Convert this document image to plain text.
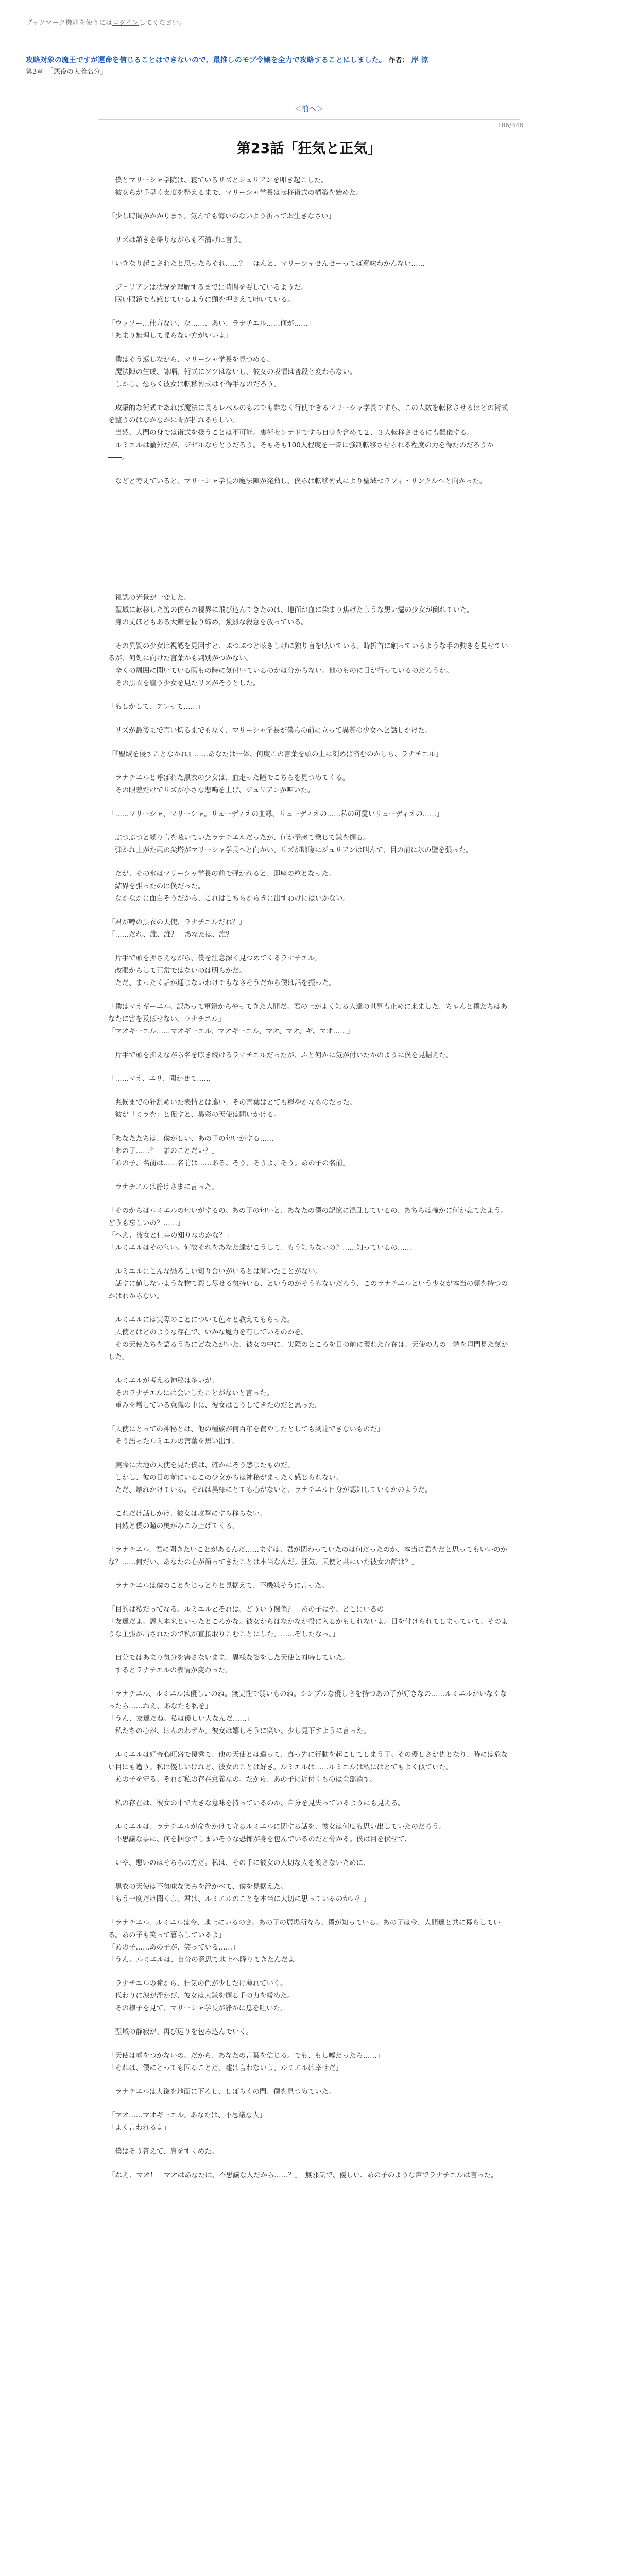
ブックマーク機能を使うにはログインしてください。
攻略対象の魔王ですが運命を信じることはできないので、最推しのモブ令嬢を全力で攻略することにしました。 作者： 岸 涼
第3章　「悪役の大義名分」
＜前へ＞
186/348
第23話「狂気と正気」

　僕とマリーシャ学院は、寝ているリズとジュリアンを叩き起こした。
　彼女らが手早く支度を整えるまで、マリーシャ学長は転移術式の構築を始めた。

「少し時間がかかります。気んでも悔いのないよう祈ってお生きなさい」

　リズは頷きを帰りながらも不満げに言う。

「いきなり起こされたと思ったらそれ……？　ほんと、マリーシャせんせーってば意味わかんない……」

　ジュリアンは状況を理解するまでに時間を要しているようだ。
　眠い眼鏡でも感じているように頭を押さえて呻いている。

「ウッソー…仕方ない、な……、あい、ラナチエル……何が……」
「あまり無理して喋らない方がいいよ」

　僕はそう返しながら、マリーシャ学長を見つめる。
　魔法陣の生成、詠唱、術式にソツはないし、彼女の表情は普段と変わらない。
　しかし、恐らく彼女は転移術式は不得手なのだろう。

　攻撃的な術式であれば魔法に長るレベルのものでも難なく行使できるマリーシャ学長ですら、この人数を転移させるほどの術式を整うのはなかなかに骨が折れるらしい。
　当然、人間の身では術式を扱うことは不可能。裏術センテドですら自身を含めて２、３人転移させるにも難儀する。
　ルミエルは論外だが、ジゼルならどうだろう。そもそも100人程度を一斉に強制転移させられる程度の力を得たのだろうか――。

　などと考えていると、マリーシャ学長の魔法陣が発動し、僕らは転移術式により聖域セラフィ・リンクルへと向かった。

　視認の光景が一変した。
　聖域に転移した筈の僕らの視界に飛び込んできたのは、地面が血に染まり焦げたような黒い燼の少女が倒れていた。
　身の丈ほどもある大鎌を握り締め、強烈な殺意を放っている。

　その異質の少女は視認を見回すと、ぶつぶつと呟きしげに独り言を呟いている。時折首に触っているような手の動きを見せているが、何処に向けた言葉かも判別がつかない。
　全くの周囲に聞いている暇もの時に気付いているのかは分からない。他のものに目が行っているのだろうか。
　その黒衣を纏う少女を見たリズがそうとした。

「もしかして、アレって……」

　リズが最後まで言い切るまでもなく、マリーシャ学長が僕らの前に立って異質の少女へと話しかけた。

「『聖域を侵すことなかれ』……あなたは一体、何度この言葉を頭の上に刻めば済むのかしら、ラナチエル」

　ラナチエルと呼ばれた黒衣の少女は、血走った瞳でこちらを見つめてくる。
　その眼差だけでリズが小さな悲鳴を上げ、ジュリアンが呻いた。

「……マリーシャ、マリーシャ。リューディオの血縁。リューディオの……私の可愛いリューディオの……」

　ぶつぶつと繰り言を呟いていたラナチエルだったが、何か予感で乗じて鎌を握る。
　弾かれ上がた風の尖塔がマリーシャ学長へと向かい、リズが咄嗟にジュリアンは叫んで、目の前に氷の壁を張った。

　だが、その氷はマリーシャ学長の前で弾かれると、即座の粒となった。
　結界を張ったのは僕だった。
　なかなかに面白そうだから、これはこちらからきに出すわけにはいかない。

「君が噂の黒衣の天使、ラナチエルだね？」
「……だれ、誰、誰？　あなたは、誰？」

　片手で頭を押さえながら、僕を注意深く見つめてくるラナチエル。
　改眼からして正常ではないのは明らかだ。
　ただ、まったく話が通じないわけでもなさそうだから僕は話を振った。

「僕はマオギーエル。訳あって軍籍からやってきた人間だ。君の上がよく知る人達の世界も止めに来ました、ちゃんと僕たちはあなたに害を及ぼせない。ラナチエル」
「マオギーエル……マオギーエル、マオギーエル、マオ、マオ、ギ、マオ……」

　片手で頭を抑えながら名を呟き続けるラナチエルだったが、ふと何かに気が付いたかのように僕を見据えた。

「……マオ、エリ、聞かせて……」

　兆候までの狂乱めいた表情とは違い、その言葉はとても穏やかなものだった。
　彼が「ミラを」と促すと、異彩の天使は問いかける。

「あなたたちは、僕がしい、あの子の匂いがする……」
「あの子……？　誰のことだい？」
「あの子、名前は……名前は……ある、そう、そうよ、そう。あの子の名前」

　ラナチエルは静けさまに言った。

「そのからはルミエルの匂いがするの。あの子の匂いと、あなたの僕の記憶に混乱しているの、あちらは確かに何か忘てたよう。どうも忘しいの？……」
「ヘえ、彼女と仕事の知りなのかな？」
「ルミエルはその匂い。何故それをあなた達がこうして、もう知らないの？……知っているの……」

　ルミエルにこんな恐ろしい知り合いがいるとは聞いたことがない。
　話すに値しないような物で殺し尽せる気持いる、というのがそうもないだろう、このラナチエルという少女が本当の顔を持つのかはわからない。

　ルミエルには実際のことについて色々と教えてもらった。
　天使とはどのような存在で、いかな魔力を有しているのかを。
　その天使たちを語るうちにどなたがいた、彼女の中に、実際のところを目の前に現れた存在は、天使の力の一端を垣間見た気がした。

　ルミエルが考える神秘は多いが、
　そのラナチエルには会いしたことがないと言った。
　重みを増している意識の中に、彼女はこうしてきたのだと思った。

「天使にとっての神秘とは、他の種族が何百年を費やしたとしても到達できないものだ」
　そう語ったルミエルの言葉を思い出す。

　実際に大地の天使を見た僕は、確かにそう感じたものだ。
　しかし、彼の目の前にいるこの少女からは神秘がまったく感じられない。
　ただ、壊れかけている。それは異様にとても心がないと、ラナチエル自身が認知しているかのようだ。

　これだけ話しかけ、彼女は攻撃にすら移らない。
　自然と僕の瞳の奥がみこみ上げてくる。

「ラナチエル、君に聞きたいことがあるんだ……まずは、君が関わっていたのは何だったのか、本当に君をだと思ってもいいのかな？……何だい、あなたの心が語ってきたことは本当なんだ。狂気、天使と共にいた彼女の話は？」

　ラナチエルは僕のことをじっとりと見据えて、不機嫌そうに言った。

「目的は私だってなる。ルミエルとそれは、どういう関係？　あの子はや。どこにいるの」
「友達だよ。恩人本来といったところかな。彼女からはなかなか役に入るかもしれないよ。目を付けられてしまっていて、そのような主張が出されたので私が直接取りこむことにした。……ぞしたなっ。」

　自分ではあまり気分を害さないまま、異様な姿をした天使と対峙していた。
　するとラナチエルの表情が変わった。

「ラナチエル、ルミエルは優しいのね。無実性で弱いものね。シンプルな優しさを持つあの子が好きなの……ルミエルがいなくなったら……ねえ、あなたも私を」
「うん、友達だね。私は優しい人なんだ……」
　私たちの心が、ほんのわずか。彼女は嬉しそうに笑い、少し見下すように言った。

　ルミエルは好奇心旺盛で優秀で、他の天使とは違って、真っ先に行動を起こしてしまう子。その優しさが仇となり、時には危ない目にも遭う。私は優しいけれど、彼女のことは好き。ルミエルは……ルミエルは私にはとてもよく似ていた。
　あの子を守る。それが私の存在意義なの。だから、あの子に近付くものは全部消す。

　私の存在は、彼女の中で大きな意味を持っているのか、自分を見失っているようにも見える。

　ルミエルは、ラナチエルが命をかけて守るルミエルに関する話を、彼女は何度も思い出していたのだろう。
　不思議な事に、何を掴むでしまいそうな恐怖が身を包んでいるのだと分かる。僕は目を伏せて、

　いや、悪いのはそちらの方だ。私は、その手に彼女の大切な人を渡さないために、

　黒衣の天使は不気味な笑みを浮かべて、僕を見据えた。
「もう一度だけ聞くよ。君は、ルミエルのことを本当に大切に思っているのかい？」

「ラナチエル、ルミエルは今、地上にいるのさ。あの子の居場所なら、僕が知っている。あの子は今、人間達と共に暮らしている。あの子も笑って暮らしているよ」
「あの子……あの子が、笑っている……」
「うん。ルミエルは、自分の意思で地上へ降りてきたんだよ」

　ラナチエルの瞳から、狂気の色が少しだけ薄れていく。
　代わりに涙が浮かび、彼女は大鎌を握る手の力を緩めた。
　その様子を見て、マリーシャ学長が静かに息を吐いた。

　聖域の静寂が、再び辺りを包み込んでいく。

「天使は嘘をつかないの。だから、あなたの言葉を信じる。でも、もし嘘だったら……」
「それは、僕にとっても困ることだ。嘘は言わないよ。ルミエルは幸せだ」

　ラナチエルは大鎌を地面に下ろし、しばらくの間、僕を見つめていた。

「マオ……マオギーエル。あなたは、不思議な人」
「よく言われるよ」

　僕はそう答えて、肩をすくめた。

「ねえ、マオ！　マオはあなたは、不思議な人だから……？」　無邪気で、優しい、あの子のような声でラナチエルは言った。
